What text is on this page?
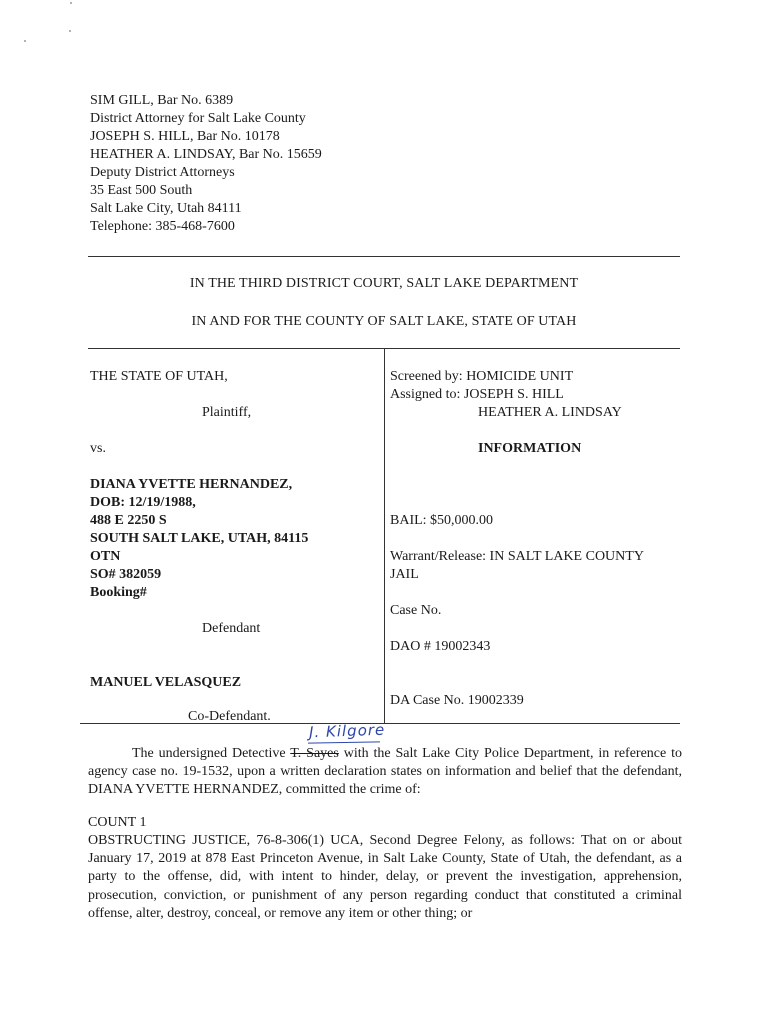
SIM GILL, Bar No. 6389
District Attorney for Salt Lake County
JOSEPH S. HILL, Bar No. 10178
HEATHER A. LINDSAY, Bar No. 15659
Deputy District Attorneys
35 East 500 South
Salt Lake City, Utah 84111
Telephone: 385-468-7600
IN THE THIRD DISTRICT COURT, SALT LAKE DEPARTMENT
IN AND FOR THE COUNTY OF SALT LAKE, STATE OF UTAH
THE STATE OF UTAH,
Plaintiff,
vs.
DIANA YVETTE HERNANDEZ,
DOB: 12/19/1988,
488 E 2250 S
SOUTH SALT LAKE, UTAH, 84115
OTN
SO# 382059
Booking#
Defendant
MANUEL VELASQUEZ
Co-Defendant.
Screened by: HOMICIDE UNIT
Assigned to: JOSEPH S. HILL
HEATHER A. LINDSAY
INFORMATION
BAIL: $50,000.00
Warrant/Release: IN SALT LAKE COUNTY
JAIL
Case No.
DAO # 19002343
DA Case No. 19002339
J. Kilgore
The undersigned Detective T. Sayes with the Salt Lake City Police Department, in reference to agency case no. 19-1532, upon a written declaration states on information and belief that the defendant, DIANA YVETTE HERNANDEZ, committed the crime of:
COUNT 1
OBSTRUCTING JUSTICE, 76-8-306(1) UCA, Second Degree Felony, as follows: That on or about January 17, 2019 at 878 East Princeton Avenue, in Salt Lake County, State of Utah, the defendant, as a party to the offense, did, with intent to hinder, delay, or prevent the investigation, apprehension, prosecution, conviction, or punishment of any person regarding conduct that constituted a criminal offense, alter, destroy, conceal, or remove any item or other thing; or
